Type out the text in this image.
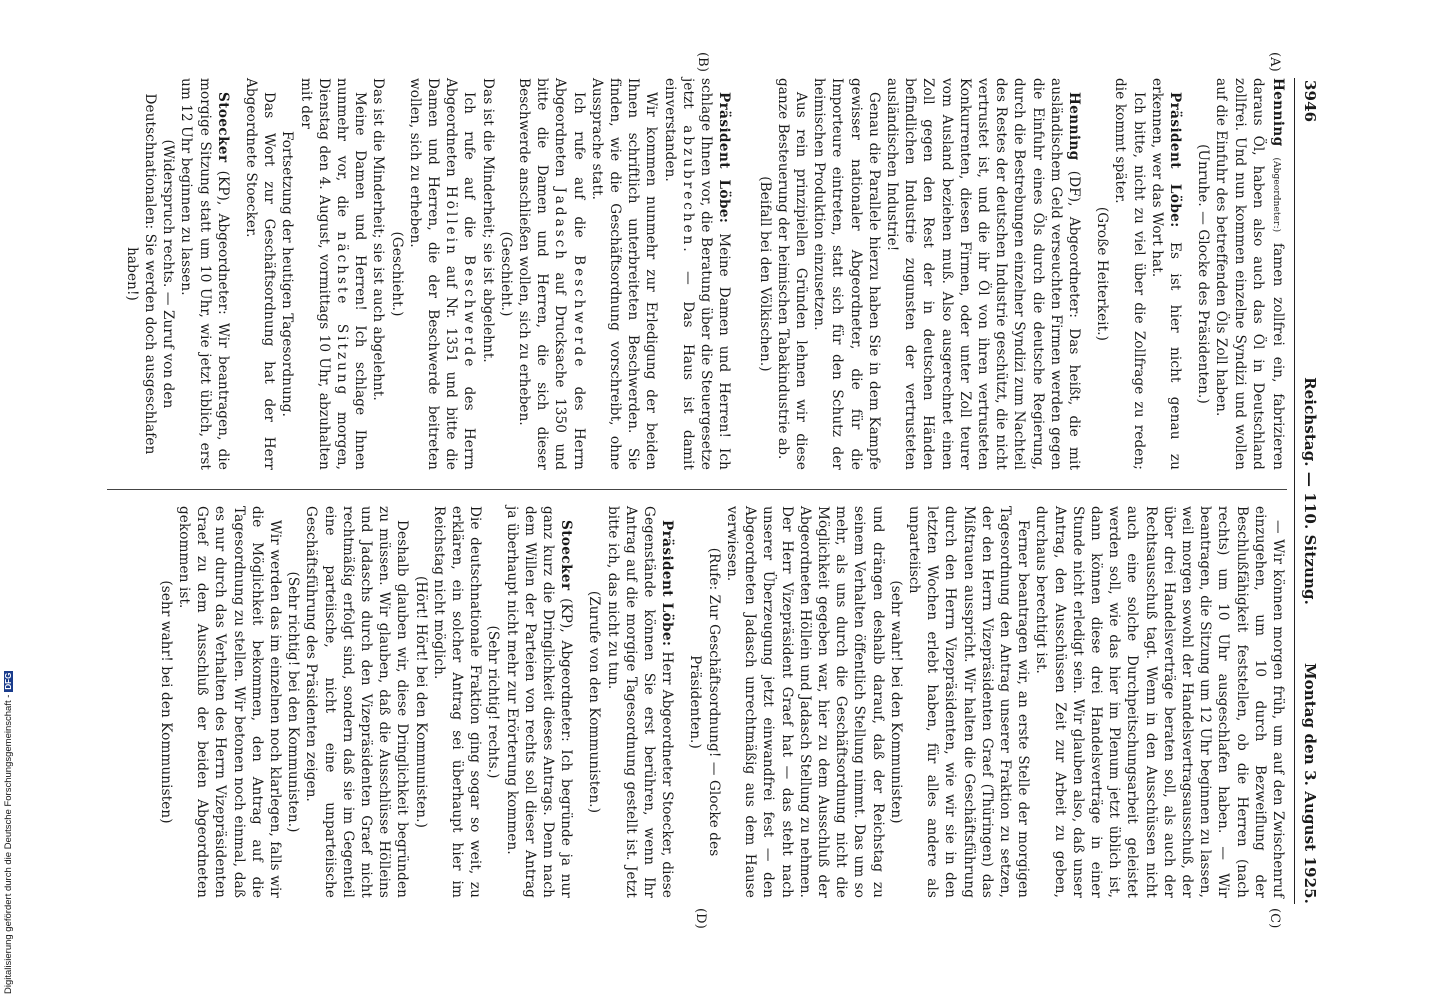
3946
Reichstag. — 110. Sitzung.
Montag den 3. August 1925.
(A)
(B)
(C)
(D)

Henning (Abgeordneter:) famen zollfrei ein, fabrizieren daraus Öl, haben also auch das Öl in Deutschland zollfrei. Und nun kommen einzelne Syndizi und wollen auf die Einfuhr des betreffenden Öls Zoll haben.

(Unruhe. — Glocke des Präsidenten.)

Präsident Löbe: Es ist hier nicht genau zu erkennen, wer das Wort hat.

Ich bitte, nicht zu viel über die Zollfrage zu reden; die kommt später.

(Große Heiterkeit.)

Henning (DF), Abgeordneter: Das heißt, die mit ausländischem Geld verseuchten Firmen werden gegen die Einfuhr eines Öls durch die deutsche Regierung, durch die Bestrebungen einzelner Syndizi zum Nachteil des Restes der deutschen Industrie geschützt, die nicht vertrustet ist, und die ihr Öl von ihren vertrusteten Konkurrenten, diesen Firmen, oder unter Zoll teurer vom Ausland beziehen muß. Also ausgerechnet einen Zoll gegen den Rest der in deutschen Händen befindlichen Industrie zugunsten der vertrusteten ausländischen Industrie!

Genau die Parallele hierzu haben Sie in dem Kampfe gewisser nationaler Abgeordneter, die für die Importeure eintreten, statt sich für den Schutz der heimischen Produktion einzusetzen.

Aus rein prinzipiellen Gründen lehnen wir diese ganze Besteuerung der heimischen Tabakindustrie ab.

(Beifall bei den Völkischen.)

Präsident Löbe: Meine Damen und Herren! Ich schlage Ihnen vor, die Beratung über die Steuergesetze jetzt abzubrechen. — Das Haus ist damit einverstanden.

Wir kommen nunmehr zur Erledigung der beiden Ihnen schriftlich unterbreiteten Beschwerden. Sie finden, wie die Geschäftsordnung vorschreibt, ohne Aussprache statt.

Ich rufe auf die Beschwerde des Herrn Abgeordneten Jadasch auf Drucksache 1350 und bitte die Damen und Herren, die sich dieser Beschwerde anschließen wollen, sich zu erheben.

(Geschieht.)

Das ist die Minderheit; sie ist abgelehnt.

Ich rufe auf die Beschwerde des Herrn Abgeordneten Höllein auf Nr. 1351 und bitte die Damen und Herren, die der Beschwerde beitreten wollen, sich zu erheben.

(Geschieht.)

Das ist die Minderheit; sie ist auch abgelehnt.

Meine Damen und Herren! Ich schlage Ihnen nunmehr vor, die nächste Sitzung morgen, Dienstag den 4. August, vormittags 10 Uhr, abzuhalten mit der

Fortsetzung der heutigen Tagesordnung.

Das Wort zur Geschäftsordnung hat der Herr Abgeordnete Stoecker.

Stoecker (KP), Abgeordneter: Wir beantragen, die morgige Sitzung statt um 10 Uhr, wie jetzt üblich, erst um 12 Uhr beginnen zu lassen.

(Widerspruch rechts. — Zuruf von den Deutschnationalen: Sie werden doch ausgeschlafen haben!)

— Wir können morgen früh, um auf den Zwischenruf einzugehen, um 10 durch Bezweiflung der Beschlußfähigkeit feststellen, ob die Herren (nach rechts) um 10 Uhr ausgeschlafen haben. — Wir beantragen, die Sitzung um 12 Uhr beginnen zu lassen, weil morgen sowohl der Handelsvertragsausschuß, der über drei Handelsverträge beraten soll, als auch der Rechtsausschuß tagt. Wenn in den Ausschüssen nicht auch eine solche Durchpeitschungsarbeit geleistet werden soll, wie das hier im Plenum jetzt üblich ist, dann können diese drei Handelsverträge in einer Stunde nicht erledigt sein. Wir glauben also, daß unser Antrag, den Ausschüssen Zeit zur Arbeit zu geben, durchaus berechtigt ist.

Ferner beantragen wir, an erste Stelle der morgigen Tagesordnung den Antrag unserer Fraktion zu setzen, der den Herrn Vizepräsidenten Graef (Thüringen) das Mißtrauen ausspricht. Wir halten die Geschäftsführung durch den Herrn Vizepräsidenten, wie wir sie in den letzten Wochen erlebt haben, für alles andere als unparteiisch

(sehr wahr! bei den Kommunisten)

und drängen deshalb darauf, daß der Reichstag zu seinem Verhalten öffentlich Stellung nimmt. Das um so mehr, als uns durch die Geschäftsordnung nicht die Möglichkeit gegeben war, hier zu dem Ausschluß der Abgeordneten Höllein und Jadasch Stellung zu nehmen. Der Herr Vizepräsident Graef hat — das steht nach unserer Überzeugung jetzt einwandfrei fest — den Abgeordneten Jadasch unrechtmäßig aus dem Hause verwiesen.

(Rufe: Zur Geschäftsordnung! — Glocke des Präsidenten.)

Präsident Löbe: Herr Abgeordneter Stoecker, diese Gegenstände können Sie erst berühren, wenn Ihr Antrag auf die morgige Tagesordnung gestellt ist. Jetzt bitte ich, das nicht zu tun.

(Zurufe von den Kommunisten.)

Stoecker (KP), Abgeordneter: Ich begründe ja nur ganz kurz die Dringlichkeit dieses Antrags. Denn nach dem Willen der Parteien von rechts soll dieser Antrag ja überhaupt nicht mehr zur Erörterung kommen.

(Sehr richtig! rechts.)

Die deutschnationale Fraktion ging sogar so weit, zu erklären, ein solcher Antrag sei überhaupt hier im Reichstag nicht möglich.

(Hört! Hört! bei den Kommunisten.)

Deshalb glauben wir, diese Dringlichkeit begründen zu müssen. Wir glauben, daß die Ausschlüsse Hölleins und Jadaschs durch den Vizepräsidenten Graef nicht rechtmäßig erfolgt sind, sondern daß sie im Gegenteil eine parteiische, nicht eine unparteiische Geschäftsführung des Präsidenten zeigen.

(Sehr richtig! bei den Kommunisten.)

Wir werden das im einzelnen noch klarlegen, falls wir die Möglichkeit bekommen, den Antrag auf die Tagesordnung zu stellen. Wir betonen noch einmal, daß es nur durch das Verhalten des Herrn Vizepräsidenten Graef zu dem Ausschluß der beiden Abgeordneten gekommen ist.

(sehr wahr! bei den Kommunisten)

Digitalisierung gefördert durch die Deutsche Forschungsgemeinschaft -DFG
